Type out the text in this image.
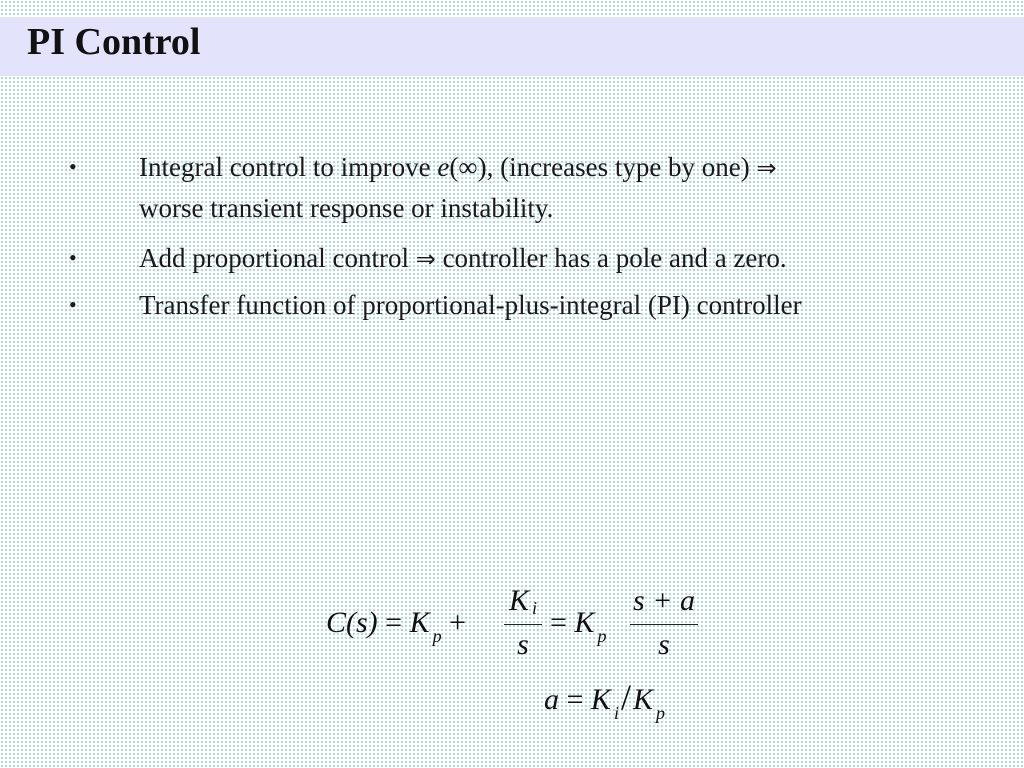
PI Control
• Integral control to improve e(∞), (increases type by one) ⇒
worse transient response or instability.
• Add proportional control ⇒ controller has a pole and a zero.
• Transfer function of proportional-plus-integral (PI) controller
C(s) = K $_p$ +
Ki
s
= K $_p$
s + a
s
a = K $_i$/K $_p$
